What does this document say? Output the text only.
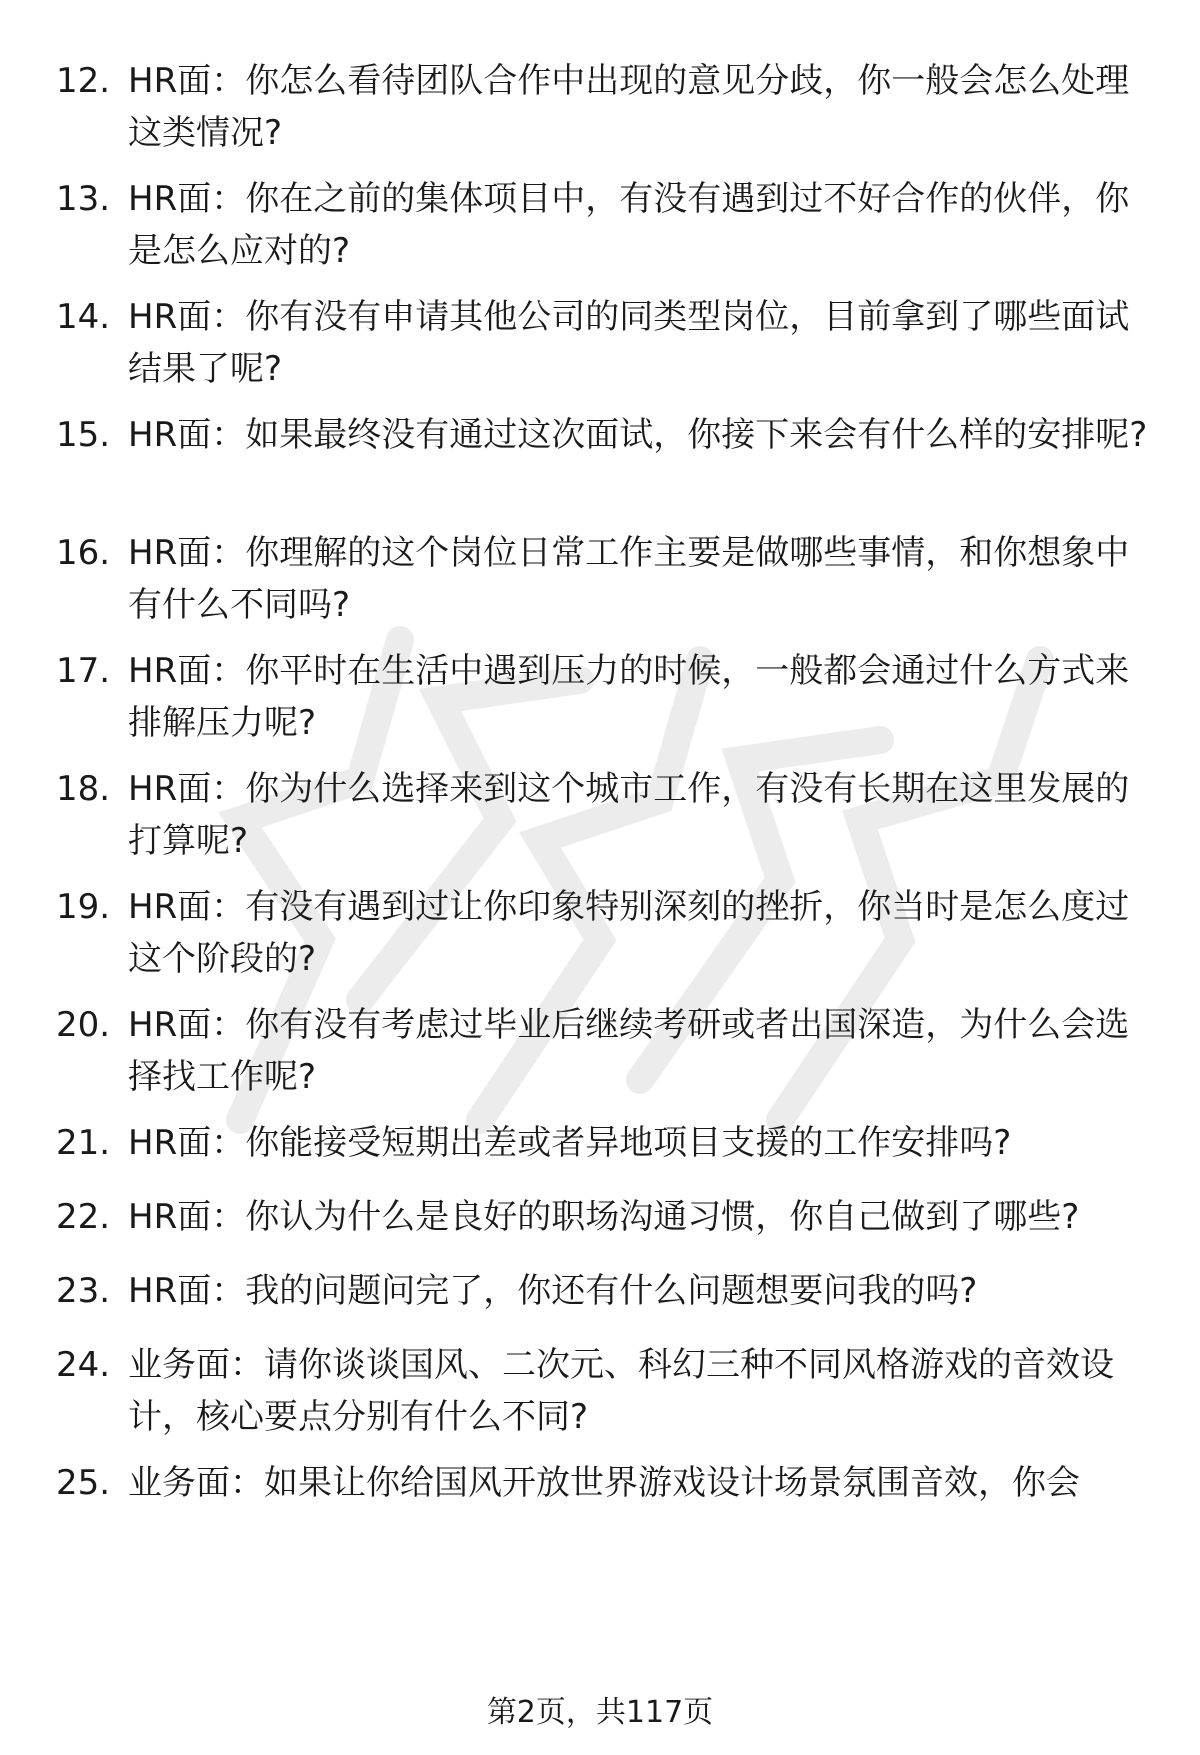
12. HR面：你怎么看待团队合作中出现的意见分歧，你一般会怎么处理这类情况?
13. HR面：你在之前的集体项目中，有没有遇到过不好合作的伙伴，你是怎么应对的?
14. HR面：你有没有申请其他公司的同类型岗位，目前拿到了哪些面试结果了呢?
15. HR面：如果最终没有通过这次面试，你接下来会有什么样的安排呢?
16. HR面：你理解的这个岗位日常工作主要是做哪些事情，和你想象中有什么不同吗?
17. HR面：你平时在生活中遇到压力的时候，一般都会通过什么方式来排解压力呢?
18. HR面：你为什么选择来到这个城市工作，有没有长期在这里发展的打算呢?
19. HR面：有没有遇到过让你印象特别深刻的挫折，你当时是怎么度过这个阶段的?
20. HR面：你有没有考虑过毕业后继续考研或者出国深造，为什么会选择找工作呢?
21. HR面：你能接受短期出差或者异地项目支援的工作安排吗?
22. HR面：你认为什么是良好的职场沟通习惯，你自己做到了哪些?
23. HR面：我的问题问完了，你还有什么问题想要问我的吗?
24. 业务面：请你谈谈国风、二次元、科幻三种不同风格游戏的音效设计，核心要点分别有什么不同?
25. 业务面：如果让你给国风开放世界游戏设计场景氛围音效，你会
第2页，共117页
